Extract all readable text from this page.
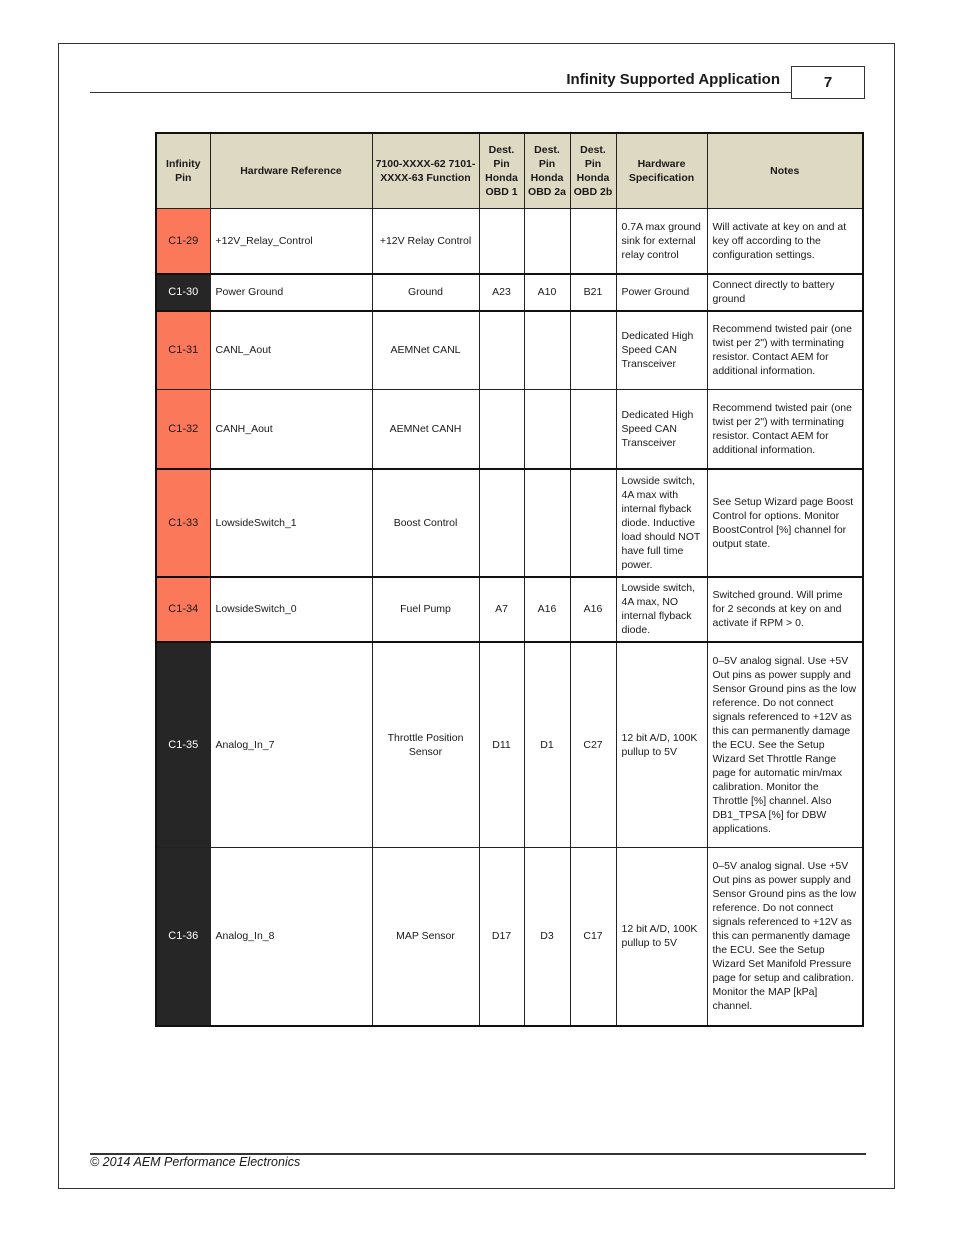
Infinity Supported Application	7
Infinity Pin	Hardware Reference	7100-XXXX-62 7101-XXXX-63 Function	Dest. Pin Honda OBD 1	Dest. Pin Honda OBD 2a	Dest. Pin Honda OBD 2b	Hardware Specification	Notes
C1-29	+12V_Relay_Control	+12V Relay Control				0.7A max ground sink for external relay control	Will activate at key on and at key off according to the configuration settings.
C1-30	Power Ground	Ground	A23	A10	B21	Power Ground	Connect directly to battery ground
C1-31	CANL_Aout	AEMNet CANL				Dedicated High Speed CAN Transceiver	Recommend twisted pair (one twist per 2") with terminating resistor. Contact AEM for additional information.
C1-32	CANH_Aout	AEMNet CANH				Dedicated High Speed CAN Transceiver	Recommend twisted pair (one twist per 2") with terminating resistor. Contact AEM for additional information.
C1-33	LowsideSwitch_1	Boost Control				Lowside switch, 4A max with internal flyback diode. Inductive load should NOT have full time power.	See Setup Wizard page Boost Control for options. Monitor BoostControl [%] channel for output state.
C1-34	LowsideSwitch_0	Fuel Pump	A7	A16	A16	Lowside switch, 4A max, NO internal flyback diode.	Switched ground. Will prime for 2 seconds at key on and activate if RPM > 0.
C1-35	Analog_In_7	Throttle Position Sensor	D11	D1	C27	12 bit A/D, 100K pullup to 5V	0–5V analog signal. Use +5V Out pins as power supply and Sensor Ground pins as the low reference. Do not connect signals referenced to +12V as this can permanently damage the ECU. See the Setup Wizard Set Throttle Range page for automatic min/max calibration. Monitor the Throttle [%] channel. Also DB1_TPSA [%] for DBW applications.
C1-36	Analog_In_8	MAP Sensor	D17	D3	C17	12 bit A/D, 100K pullup to 5V	0–5V analog signal. Use +5V Out pins as power supply and Sensor Ground pins as the low reference. Do not connect signals referenced to +12V as this can permanently damage the ECU. See the Setup Wizard Set Manifold Pressure page for setup and calibration. Monitor the MAP [kPa] channel.
© 2014 AEM Performance Electronics
